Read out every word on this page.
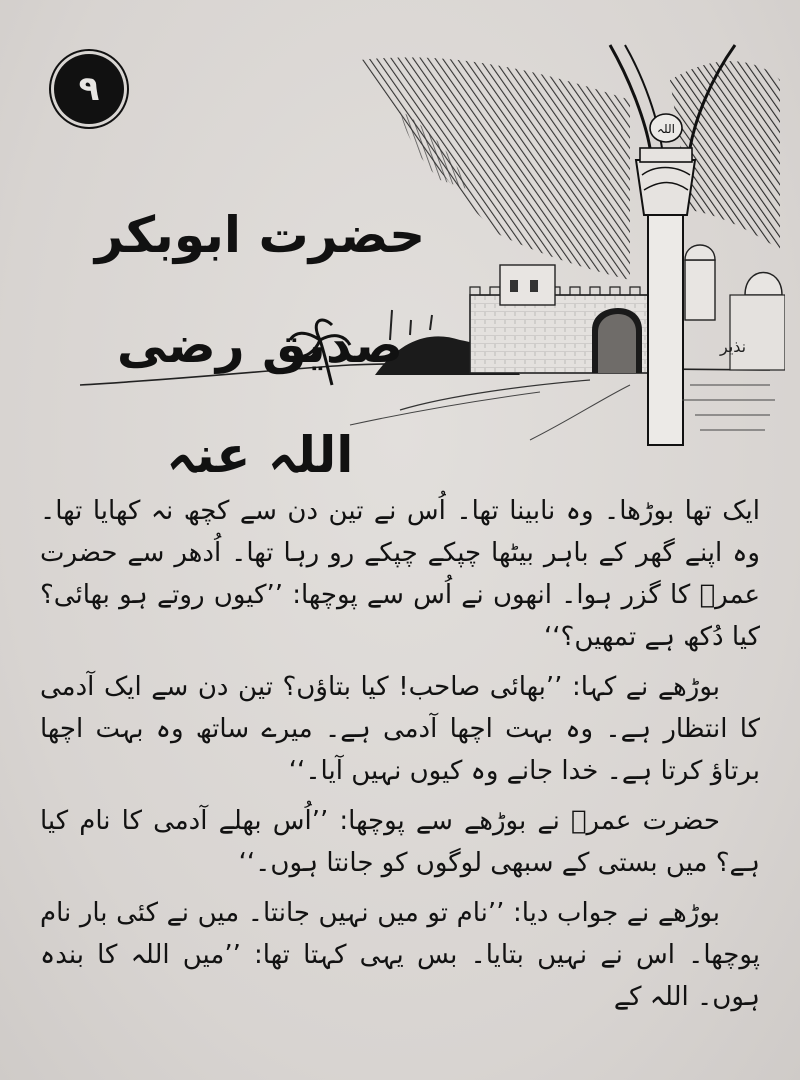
۹
اللہ
نذیر
حضرت ابوبکر صدیق رضی اللہ عنہ

ایک تھا بوڑھا۔ وہ نابینا تھا۔ اُس نے تین دن سے کچھ نہ کھایا تھا۔ وہ اپنے گھر کے باہر بیٹھا چپکے چپکے رو رہا تھا۔ اُدھر سے حضرت عمرؓ کا گزر ہوا۔ انھوں نے اُس سے پوچھا: ’’کیوں روتے ہو بھائی؟ کیا دُکھ ہے تمھیں؟‘‘

بوڑھے نے کہا: ’’بھائی صاحب! کیا بتاؤں؟ تین دن سے ایک آدمی کا انتظار ہے۔ وہ بہت اچھا آدمی ہے۔ میرے ساتھ وہ بہت اچھا برتاؤ کرتا ہے۔ خدا جانے وہ کیوں نہیں آیا۔‘‘

حضرت عمرؓ نے بوڑھے سے پوچھا: ’’اُس بھلے آدمی کا نام کیا ہے؟ میں بستی کے سبھی لوگوں کو جانتا ہوں۔‘‘

بوڑھے نے جواب دیا: ’’نام تو میں نہیں جانتا۔ میں نے کئی بار نام پوچھا۔ اس نے نہیں بتایا۔ بس یہی کہتا تھا: ’’میں اللہ کا بندہ ہوں۔ اللہ کے
